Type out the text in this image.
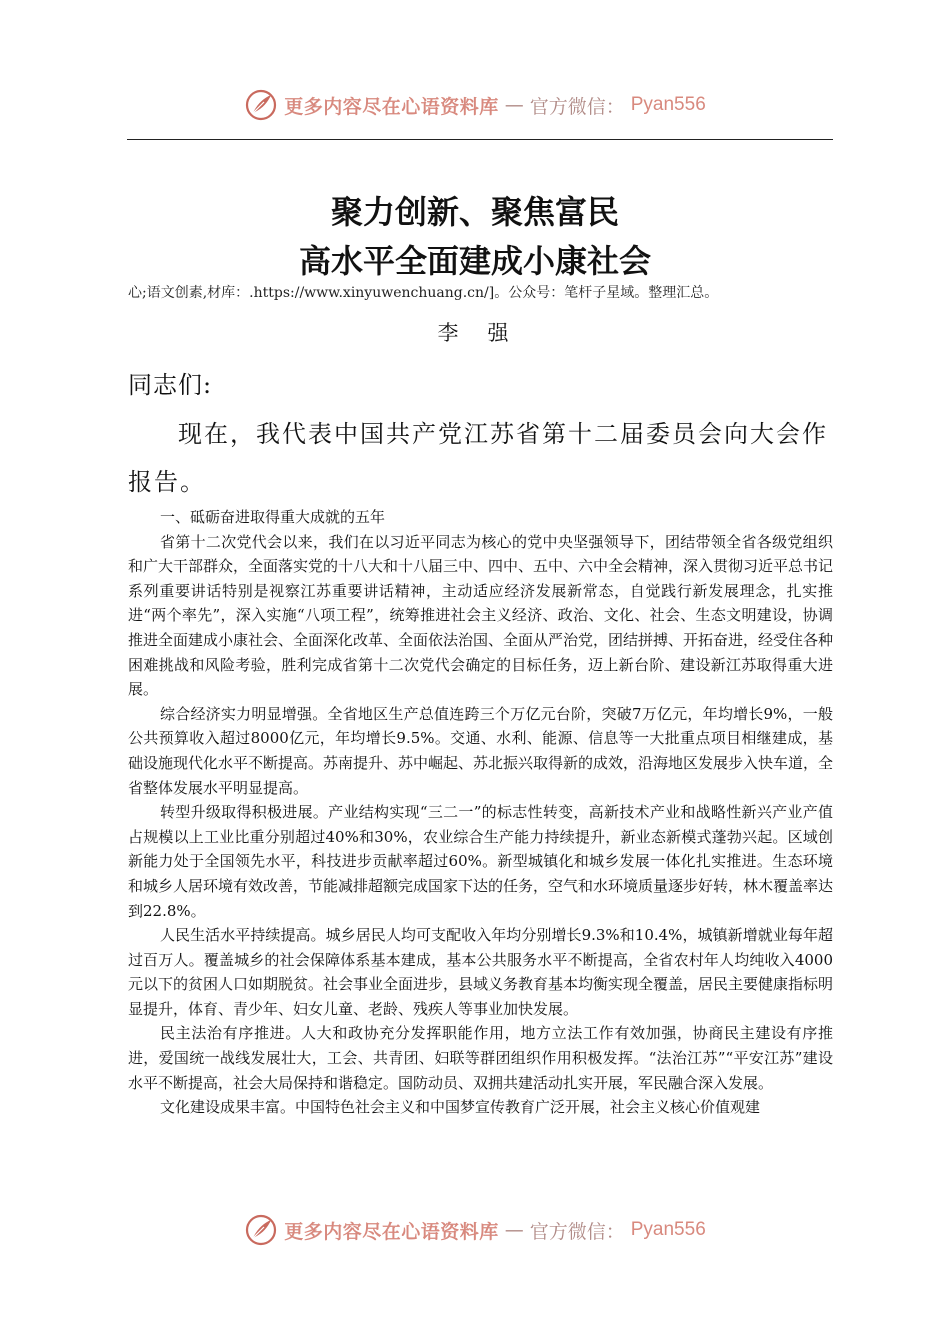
更多内容尽在心语资料库 — 官方微信： Pyan556
聚力创新、聚焦富民
高水平全面建成小康社会
心;语文创素,材库：.https://www.xinyuwenchuang.cn/]。公众号：笔杆子星域。整理汇总。
李　强
同志们:
现在，我代表中国共产党江苏省第十二届委员会向大会作报告。

一、砥砺奋进取得重大成就的五年

省第十二次党代会以来，我们在以习近平同志为核心的党中央坚强领导下，团结带领全省各级党组织和广大干部群众，全面落实党的十八大和十八届三中、四中、五中、六中全会精神，深入贯彻习近平总书记系列重要讲话特别是视察江苏重要讲话精神，主动适应经济发展新常态，自觉践行新发展理念，扎实推进“两个率先”，深入实施“八项工程”，统筹推进社会主义经济、政治、文化、社会、生态文明建设，协调推进全面建成小康社会、全面深化改革、全面依法治国、全面从严治党，团结拼搏、开拓奋进，经受住各种困难挑战和风险考验，胜利完成省第十二次党代会确定的目标任务，迈上新台阶、建设新江苏取得重大进展。

综合经济实力明显增强。全省地区生产总值连跨三个万亿元台阶，突破7万亿元，年均增长9%，一般公共预算收入超过8000亿元，年均增长9.5%。交通、水利、能源、信息等一大批重点项目相继建成，基础设施现代化水平不断提高。苏南提升、苏中崛起、苏北振兴取得新的成效，沿海地区发展步入快车道，全省整体发展水平明显提高。

转型升级取得积极进展。产业结构实现“三二一”的标志性转变，高新技术产业和战略性新兴产业产值占规模以上工业比重分别超过40%和30%，农业综合生产能力持续提升，新业态新模式蓬勃兴起。区域创新能力处于全国领先水平，科技进步贡献率超过60%。新型城镇化和城乡发展一体化扎实推进。生态环境和城乡人居环境有效改善，节能减排超额完成国家下达的任务，空气和水环境质量逐步好转，林木覆盖率达到22.8%。

人民生活水平持续提高。城乡居民人均可支配收入年均分别增长9.3%和10.4%，城镇新增就业每年超过百万人。覆盖城乡的社会保障体系基本建成，基本公共服务水平不断提高，全省农村年人均纯收入4000元以下的贫困人口如期脱贫。社会事业全面进步，县域义务教育基本均衡实现全覆盖，居民主要健康指标明显提升，体育、青少年、妇女儿童、老龄、残疾人等事业加快发展。

民主法治有序推进。人大和政协充分发挥职能作用，地方立法工作有效加强，协商民主建设有序推进，爱国统一战线发展壮大，工会、共青团、妇联等群团组织作用积极发挥。“法治江苏”“平安江苏”建设水平不断提高，社会大局保持和谐稳定。国防动员、双拥共建活动扎实开展，军民融合深入发展。

文化建设成果丰富。中国特色社会主义和中国梦宣传教育广泛开展，社会主义核心价值观建

更多内容尽在心语资料库 — 官方微信： Pyan556
